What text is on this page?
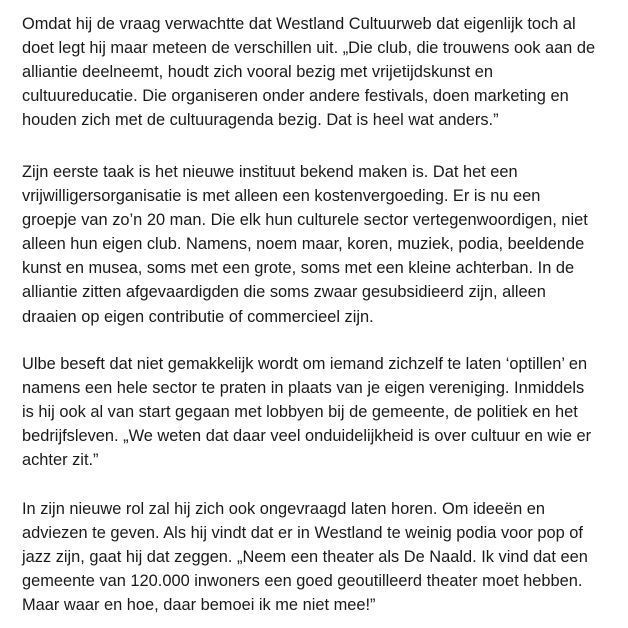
Omdat hij de vraag verwachtte dat Westland Cultuurweb dat eigenlijk toch al
doet legt hij maar meteen de verschillen uit. „Die club, die trouwens ook aan de
alliantie deelneemt, houdt zich vooral bezig met vrijetijdskunst en
cultuureducatie. Die organiseren onder andere festivals, doen marketing en
houden zich met de cultuuragenda bezig. Dat is heel wat anders.”

Zijn eerste taak is het nieuwe instituut bekend maken is. Dat het een
vrijwilligersorganisatie is met alleen een kostenvergoeding. Er is nu een
groepje van zo’n 20 man. Die elk hun culturele sector vertegenwoordigen, niet
alleen hun eigen club. Namens, noem maar, koren, muziek, podia, beeldende
kunst en musea, soms met een grote, soms met een kleine achterban. In de
alliantie zitten afgevaardigden die soms zwaar gesubsidieerd zijn, alleen
draaien op eigen contributie of commercieel zijn.

Ulbe beseft dat niet gemakkelijk wordt om iemand zichzelf te laten ‘optillen’ en
namens een hele sector te praten in plaats van je eigen vereniging. Inmiddels
is hij ook al van start gegaan met lobbyen bij de gemeente, de politiek en het
bedrijfsleven. „We weten dat daar veel onduidelijkheid is over cultuur en wie er
achter zit.”

In zijn nieuwe rol zal hij zich ook ongevraagd laten horen. Om ideeën en
adviezen te geven. Als hij vindt dat er in Westland te weinig podia voor pop of
jazz zijn, gaat hij dat zeggen. „Neem een theater als De Naald. Ik vind dat een
gemeente van 120.000 inwoners een goed geoutilleerd theater moet hebben.
Maar waar en hoe, daar bemoei ik me niet mee!”
